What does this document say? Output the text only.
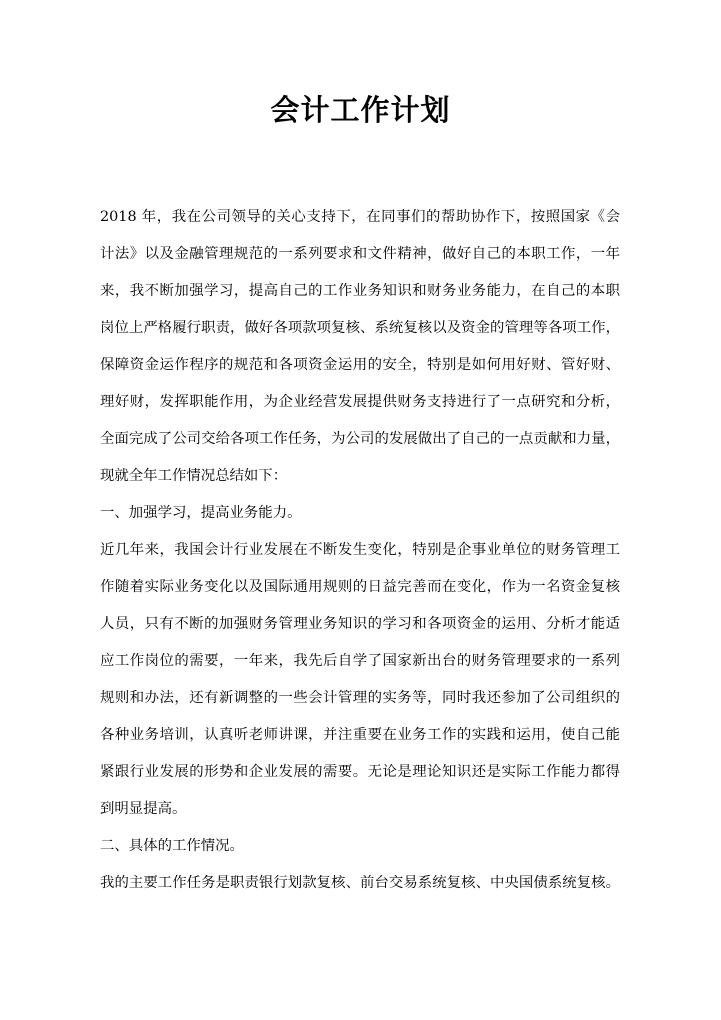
会计工作计划
2018 年，我在公司领导的关心支持下，在同事们的帮助协作下，按照国家《会
计法》以及金融管理规范的一系列要求和文件精神，做好自己的本职工作，一年
来，我不断加强学习，提高自己的工作业务知识和财务业务能力，在自己的本职
岗位上严格履行职责，做好各项款项复核、系统复核以及资金的管理等各项工作，
保障资金运作程序的规范和各项资金运用的安全，特别是如何用好财、管好财、
理好财，发挥职能作用，为企业经营发展提供财务支持进行了一点研究和分析，
全面完成了公司交给各项工作任务，为公司的发展做出了自己的一点贡献和力量，
现就全年工作情况总结如下：
一、加强学习，提高业务能力。
近几年来，我国会计行业发展在不断发生变化，特别是企事业单位的财务管理工
作随着实际业务变化以及国际通用规则的日益完善而在变化，作为一名资金复核
人员，只有不断的加强财务管理业务知识的学习和各项资金的运用、分析才能适
应工作岗位的需要，一年来，我先后自学了国家新出台的财务管理要求的一系列
规则和办法，还有新调整的一些会计管理的实务等，同时我还参加了公司组织的
各种业务培训，认真听老师讲课，并注重要在业务工作的实践和运用，使自己能
紧跟行业发展的形势和企业发展的需要。无论是理论知识还是实际工作能力都得
到明显提高。
二、具体的工作情况。
我的主要工作任务是职责银行划款复核、前台交易系统复核、中央国债系统复核。
